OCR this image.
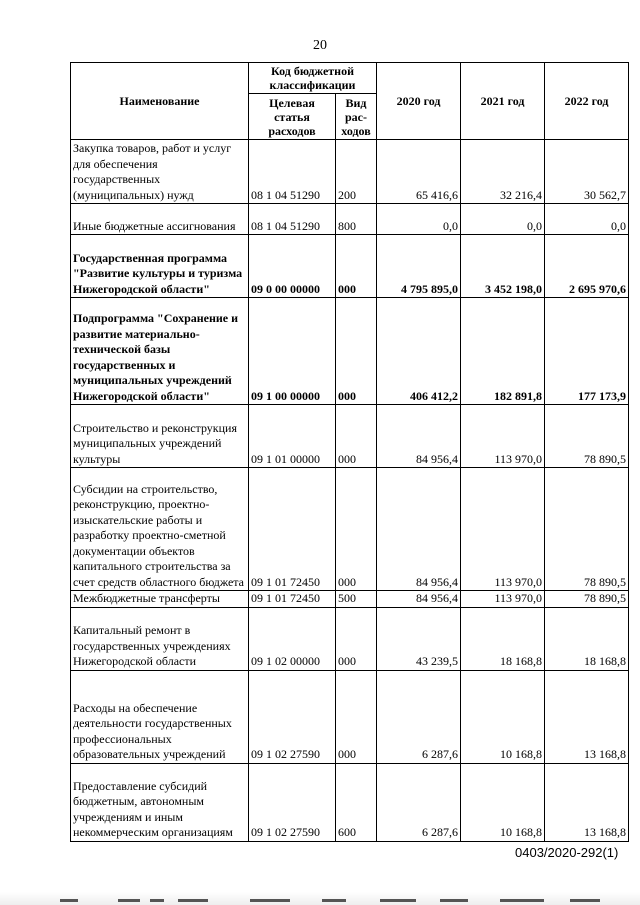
20
Наименование	Код бюджетной классификации		2020 год	2021 год	2022 год
	Целевая статья расходов	Вид рас- ходов			
Закупка товаров, работ и услуг для обеспечения государственных (муниципальных) нужд	08 1 04 51290	200	65 416,6	32 216,4	30 562,7
Иные бюджетные ассигнования	08 1 04 51290	800	0,0	0,0	0,0
Государственная программа "Развитие культуры и туризма Нижегородской области"	09 0 00 00000	000	4 795 895,0	3 452 198,0	2 695 970,6
Подпрограмма "Сохранение и развитие материально-технической базы государственных и муниципальных учреждений Нижегородской области"	09 1 00 00000	000	406 412,2	182 891,8	177 173,9
Строительство и реконструкция муниципальных учреждений культуры	09 1 01 00000	000	84 956,4	113 970,0	78 890,5
Субсидии на строительство, реконструкцию, проектно-изыскательские работы и разработку проектно-сметной документации объектов капитального строительства за счет средств областного бюджета	09 1 01 72450	000	84 956,4	113 970,0	78 890,5
Межбюджетные трансферты	09 1 01 72450	500	84 956,4	113 970,0	78 890,5
Капитальный ремонт в государственных учреждениях Нижегородской области	09 1 02 00000	000	43 239,5	18 168,8	18 168,8
Расходы на обеспечение деятельности государственных профессиональных образовательных учреждений	09 1 02 27590	000	6 287,6	10 168,8	13 168,8
Предоставление субсидий бюджетным, автономным учреждениям и иным некоммерческим организациям	09 1 02 27590	600	6 287,6	10 168,8	13 168,8
0403/2020-292(1)
